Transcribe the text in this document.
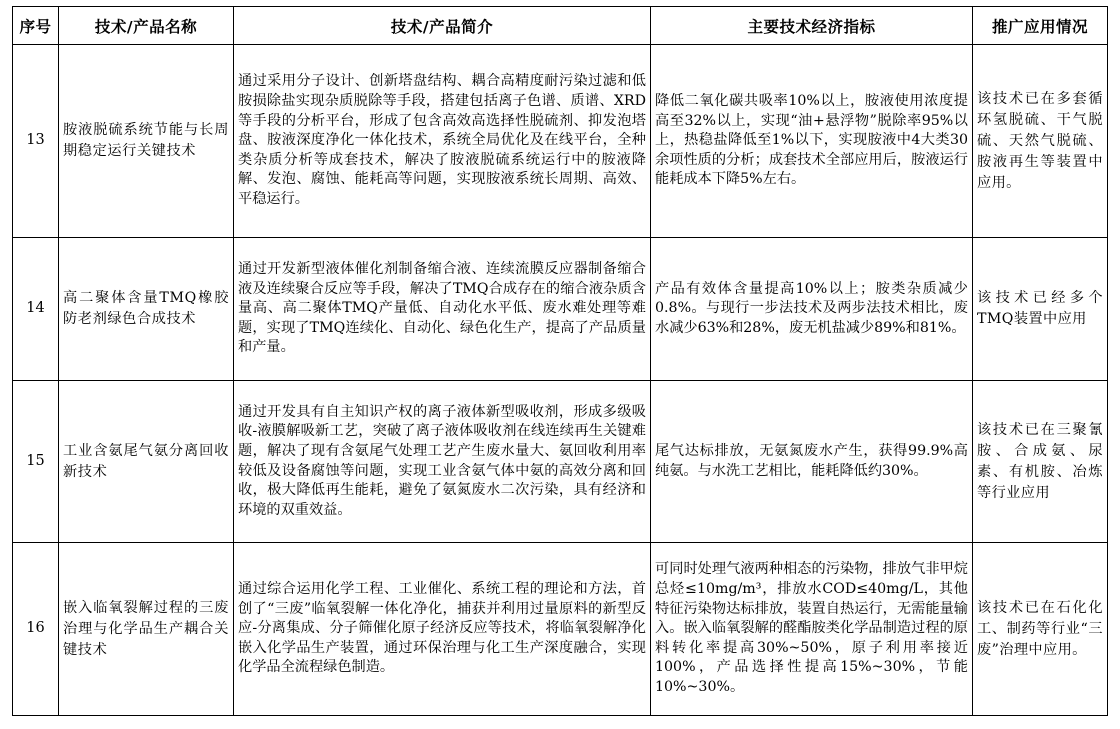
序号	技术/产品名称	技术/产品简介	主要技术经济指标	推广应用情况
13	胺液脱硫系统节能与长周期稳定运行关键技术	通过采用分子设计、创新塔盘结构、耦合高精度耐污染过滤和低胺损除盐实现杂质脱除等手段，搭建包括离子色谱、质谱、XRD等手段的分析平台，形成了包含高效高选择性脱硫剂、抑发泡塔盘、胺液深度净化一体化技术，系统全局优化及在线平台，全种类杂质分析等成套技术，解决了胺液脱硫系统运行中的胺液降解、发泡、腐蚀、能耗高等问题，实现胺液系统长周期、高效、平稳运行。	降低二氧化碳共吸率10%以上，胺液使用浓度提高至32%以上，实现“油+悬浮物”脱除率95%以上，热稳盐降低至1%以下，实现胺液中4大类30余项性质的分析；成套技术全部应用后，胺液运行能耗成本下降5%左右。	该技术已在多套循环氢脱硫、干气脱硫、天然气脱硫、胺液再生等装置中应用。
14	高二聚体含量TMQ橡胶防老剂绿色合成技术	通过开发新型液体催化剂制备缩合液、连续流膜反应器制备缩合液及连续聚合反应等手段，解决了TMQ合成存在的缩合液杂质含量高、高二聚体TMQ产量低、自动化水平低、废水难处理等难题，实现了TMQ连续化、自动化、绿色化生产，提高了产品质量和产量。	产品有效体含量提高10%以上；胺类杂质减少0.8%。与现行一步法技术及两步法技术相比，废水减少63%和28%，废无机盐减少89%和81%。	该技术已经多个TMQ装置中应用
15	工业含氨尾气氨分离回收新技术	通过开发具有自主知识产权的离子液体新型吸收剂，形成多级吸收-液膜解吸新工艺，突破了离子液体吸收剂在线连续再生关键难题，解决了现有含氨尾气处理工艺产生废水量大、氨回收利用率较低及设备腐蚀等问题，实现工业含氨气体中氨的高效分离和回收，极大降低再生能耗，避免了氨氮废水二次污染，具有经济和环境的双重效益。	尾气达标排放，无氨氮废水产生，获得99.9%高纯氨。与水洗工艺相比，能耗降低约30%。	该技术已在三聚氰胺、合成氨、尿素、有机胺、冶炼等行业应用
16	嵌入临氧裂解过程的三废治理与化学品生产耦合关键技术	通过综合运用化学工程、工业催化、系统工程的理论和方法，首创了“三废”临氧裂解一体化净化，捕获并利用过量原料的新型反应-分离集成、分子筛催化原子经济反应等技术，将临氧裂解净化嵌入化学品生产装置，通过环保治理与化工生产深度融合，实现化学品全流程绿色制造。	可同时处理气液两种相态的污染物，排放气非甲烷总烃≤10mg/m³，排放水COD≤40mg/L，其他特征污染物达标排放，装置自热运行，无需能量输入。嵌入临氧裂解的醛酯胺类化学品制造过程的原料转化率提高30%~50%，原子利用率接近100%，产品选择性提高15%~30%，节能10%~30%。	该技术已在石化化工、制药等行业“三废”治理中应用。
